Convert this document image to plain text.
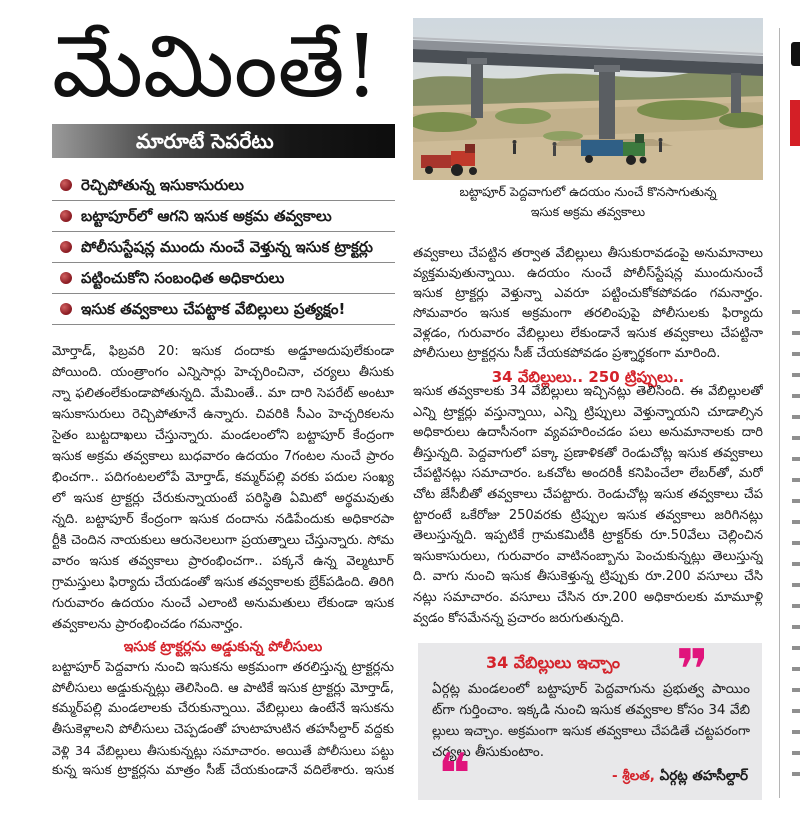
మేమింతే!
మారూటే సెపరేటు
రెచ్చిపోతున్న ఇసుకాసురులు
బట్టాపూర్‌లో ఆగని ఇసుక అక్రమ తవ్వకాలు
పోలీసుస్టేషన్ల ముందు నుంచే వెళ్తున్న ఇసుక ట్రాక్టర్లు
పట్టించుకోని సంబంధిత అధికారులు
ఇసుక తవ్వకాలు చేపట్టాక వేబిల్లులు ప్రత్యక్షం!
మోర్తాడ్, ఫిబ్రవరి 20: ఇసుక దందాకు అడ్డూఅదుపులేకుండా
పోయింది. యంత్రాంగం ఎన్నిసార్లు హెచ్చరించినా, చర్యలు తీసుకు
న్నా ఫలితంలేకుండాపోతున్నది. మేమింతే.. మా దారి సెపరేట్ అంటూ
ఇసుకాసురులు రెచ్చిపోతూనే ఉన్నారు. చివరికి సీఎం హెచ్చరికలను
సైతం బుట్టదాఖలు చేస్తున్నారు. మండలంలోని బట్టాపూర్ కేంద్రంగా
ఇసుక అక్రమ తవ్వకాలు బుధవారం ఉదయం 7గంటల నుంచే ప్రారం
భించగా.. పదిగంటలలోపే మోర్తాడ్, కమ్మర్‌పల్లి వరకు పదుల సంఖ్య
లో ఇసుక ట్రాక్టర్లు చేరుకున్నాయంటే పరిస్థితి ఏమిటో అర్థమవుతు
న్నది. బట్టాపూర్ కేంద్రంగా ఇసుక దందాను నడిపేందుకు అధికారపా
ర్టీకి చెందిన నాయకులు ఆరునెలలుగా ప్రయత్నాలు చేస్తున్నారు. సోమ
వారం ఇసుక తవ్వకాలు ప్రారంభించగా.. పక్కనే ఉన్న వెల్మటూర్
గ్రామస్తులు ఫిర్యాదు చేయడంతో ఇసుక తవ్వకాలకు బ్రేక్‌పడింది. తిరిగి
గురువారం ఉదయం నుంచే ఎలాంటి అనుమతులు లేకుండా ఇసుక
తవ్వకాలను ప్రారంభించడం గమనార్హం.
ఇసుక ట్రాక్టర్లను అడ్డుకున్న పోలీసులు
బట్టాపూర్ పెద్దవాగు నుంచి ఇసుకను అక్రమంగా తరలిస్తున్న ట్రాక్టర్లను
పోలీసులు అడ్డుకున్నట్లు తెలిసింది. ఆ పాటికే ఇసుక ట్రాక్టర్లు మోర్తాడ్,
కమ్మర్‌పల్లి మండలాలకు చేరుకున్నాయి. వేబిల్లులు ఉంటేనే ఇసుకను
తీసుకెళ్లాలని పోలీసులు చెప్పడంతో హుటాహుటిన తహసీల్దార్ వద్దకు
వెళ్లి 34 వేబిల్లులు తీసుకున్నట్లు సమాచారం. అయితే పోలీసులు పట్టు
కున్న ఇసుక ట్రాక్టర్లను మాత్రం సీజ్ చేయకుండానే వదిలేశారు. ఇసుక
బట్టాపూర్ పెద్దవాగులో ఉదయం నుంచే కొనసాగుతున్న
ఇసుక అక్రమ తవ్వకాలు
తవ్వకాలు చేపట్టిన తర్వాత వేబిల్లులు తీసుకురావడంపై అనుమానాలు
వ్యక్తమవుతున్నాయి. ఉదయం నుంచే పోలీస్‌స్టేషన్ల ముందునుంచే
ఇసుక ట్రాక్టర్లు వెళ్తున్నా ఎవరూ పట్టించుకోకపోవడం గమనార్హం.
సోమవారం ఇసుక అక్రమంగా తరలింపుపై పోలీసులకు ఫిర్యాదు
వెళ్లడం, గురువారం వేబిల్లులు లేకుండానే ఇసుక తవ్వకాలు చేపట్టినా
పోలీసులు ట్రాక్టర్లను సీజ్ చేయకపోవడం ప్రశ్నార్థకంగా మారింది.
34 వేబిల్లులు.. 250 ట్రిప్పులు..
ఇసుక తవ్వకాలకు 34 వేబిల్లులు ఇచ్చినట్లు తెలిసింది. ఈ వేబిల్లులతో
ఎన్ని ట్రాక్టర్లు వస్తున్నాయి, ఎన్ని ట్రిప్పులు వెళ్తున్నాయని చూడాల్సిన
అధికారులు ఉదాసీనంగా వ్యవహరించడం పలు అనుమానాలకు దారి
తీస్తున్నది. పెద్దవాగులో పక్కా ప్రణాళికతో రెండుచోట్ల ఇసుక తవ్వకాలు
చేపట్టినట్లు సమాచారం. ఒకచోట అందరికీ కనిపించేలా లేబర్‌తో, మరో
చోట జేసీబీతో తవ్వకాలు చేపట్టారు. రెండుచోట్ల ఇసుక తవ్వకాలు చేప
ట్టారంటే ఒకేరోజు 250వరకు ట్రిప్పుల ఇసుక తవ్వకాలు జరిగినట్లు
తెలుస్తున్నది. ఇప్పటికే గ్రామకమిటీకి ట్రాక్టర్‌కు రూ.50వేలు చెల్లించిన
ఇసుకాసురులు, గురువారం వాటినంబ్బాను పెంచుకున్నట్లు తెలుస్తున్న
ది. వాగు నుంచి ఇసుక తీసుకెళ్తున్న ట్రిప్పుకు రూ.200 వసూలు చేసి
నట్లు సమాచారం. వసూలు చేసిన రూ.200 అధికారులకు మామూళ్లి
వ్వడం కోసమేనన్న ప్రచారం జరుగుతున్నది.
34 వేబిల్లులు ఇచ్చాం
❞
ఏర్గట్ల మండలంలో బట్టాపూర్ పెద్దవాగును ప్రభుత్వ పాయిం
ట్‌గా గుర్తించాం. ఇక్కడి నుంచి ఇసుక తవ్వకాల కోసం 34 వేబి
ల్లులు ఇచ్చాం. అక్రమంగా ఇసుక తవ్వకాలు చేపడితే చట్టపరంగా
చర్యలు తీసుకుంటాం.
- శ్రీలత, ఏర్గట్ల తహసీల్దార్
❝
